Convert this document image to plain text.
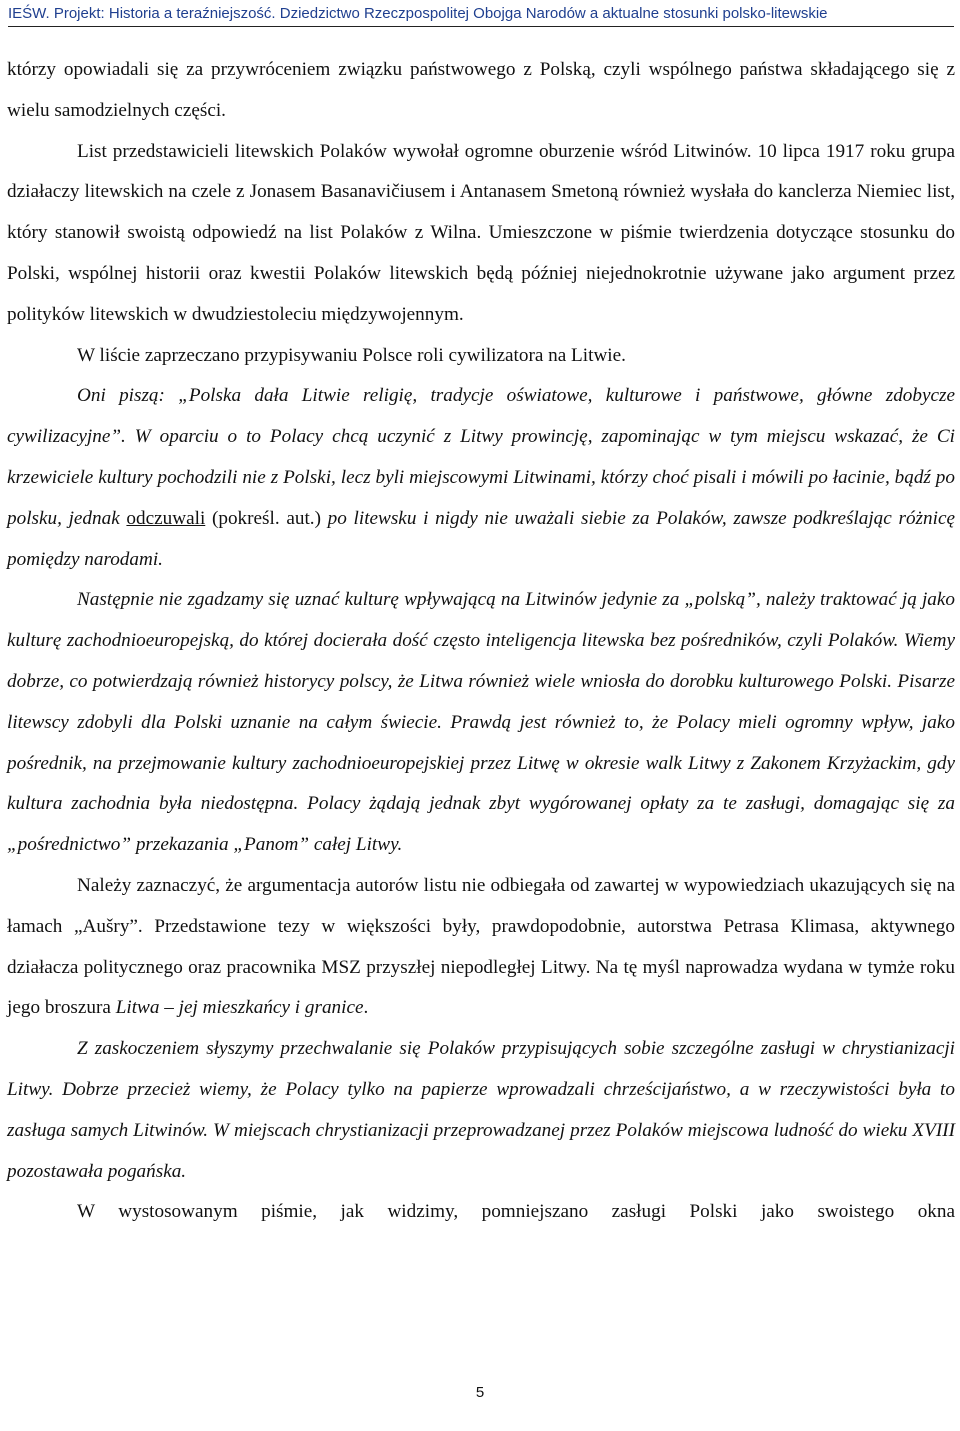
IEŚW. Projekt: Historia a teraźniejszość. Dziedzictwo Rzeczpospolitej Obojga Narodów a aktualne stosunki polsko-litewskie

którzy opowiadali się za przywróceniem związku państwowego z Polską, czyli wspólnego państwa składającego się z wielu samodzielnych części.

List przedstawicieli litewskich Polaków wywołał ogromne oburzenie wśród Litwinów. 10 lipca 1917 roku grupa działaczy litewskich na czele z Jonasem Basanavičiusem i Antanasem Smetoną również wysłała do kanclerza Niemiec list, który stanowił swoistą odpowiedź na list Polaków z Wilna. Umieszczone w piśmie twierdzenia dotyczące stosunku do Polski, wspólnej historii oraz kwestii Polaków litewskich będą później niejednokrotnie używane jako argument przez polityków litewskich w dwudziestoleciu międzywojennym.

W liście zaprzeczano przypisywaniu Polsce roli cywilizatora na Litwie.

Oni piszą: „Polska dała Litwie religię, tradycje oświatowe, kulturowe i państwowe, główne zdobycze cywilizacyjne”. W oparciu o to Polacy chcą uczynić z Litwy prowincję, zapominając w tym miejscu wskazać, że Ci krzewiciele kultury pochodzili nie z Polski, lecz byli miejscowymi Litwinami, którzy choć pisali i mówili po łacinie, bądź po polsku, jednak odczuwali (pokreśl. aut.) po litewsku i nigdy nie uważali siebie za Polaków, zawsze podkreślając różnicę pomiędzy narodami.

Następnie nie zgadzamy się uznać kulturę wpływającą na Litwinów jedynie za „polską”, należy traktować ją jako kulturę zachodnioeuropejską, do której docierała dość często inteligencja litewska bez pośredników, czyli Polaków. Wiemy dobrze, co potwierdzają również historycy polscy, że Litwa również wiele wniosła do dorobku kulturowego Polski. Pisarze litewscy zdobyli dla Polski uznanie na całym świecie. Prawdą jest również to, że Polacy mieli ogromny wpływ, jako pośrednik, na przejmowanie kultury zachodnioeuropejskiej przez Litwę w okresie walk Litwy z Zakonem Krzyżackim, gdy kultura zachodnia była niedostępna. Polacy żądają jednak zbyt wygórowanej opłaty za te zasługi, domagając się za „pośrednictwo” przekazania „Panom” całej Litwy.

Należy zaznaczyć, że argumentacja autorów listu nie odbiegała od zawartej w wypowiedziach ukazujących się na łamach „Aušry”. Przedstawione tezy w większości były, prawdopodobnie, autorstwa Petrasa Klimasa, aktywnego działacza politycznego oraz pracownika MSZ przyszłej niepodległej Litwy. Na tę myśl naprowadza wydana w tymże roku jego broszura Litwa – jej mieszkańcy i granice.

Z zaskoczeniem słyszymy przechwalanie się Polaków przypisujących sobie szczególne zasługi w chrystianizacji Litwy. Dobrze przecież wiemy, że Polacy tylko na papierze wprowadzali chrześcijaństwo, a w rzeczywistości była to zasługa samych Litwinów. W miejscach chrystianizacji przeprowadzanej przez Polaków miejscowa ludność do wieku XVIII pozostawała pogańska.

W wystosowanym piśmie, jak widzimy, pomniejszano zasługi Polski jako swoistego okna

5
